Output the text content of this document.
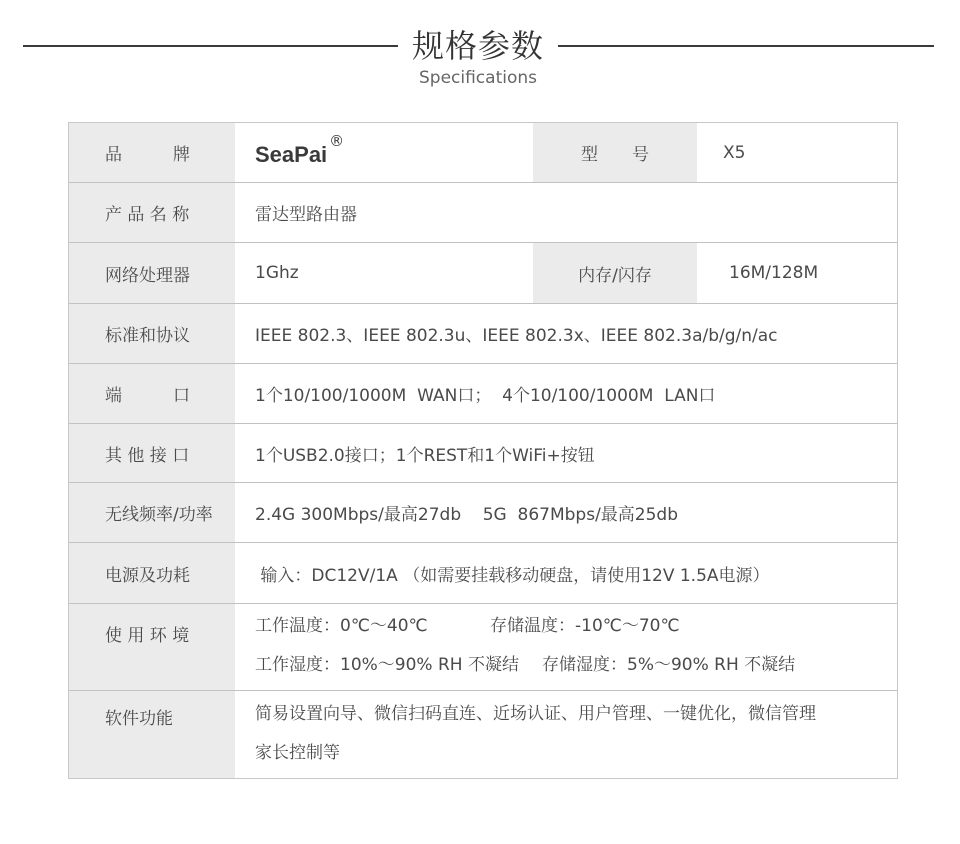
规格参数
Specifications
品　　　牌	SeaPai
®
型　　号	X5
产 品 名 称	雷达型路由器
网络处理器	1Ghz	内存/闪存	16M/128M
标准和协议	IEEE 802.3、IEEE 802.3u、IEEE 802.3x、IEEE 802.3a/b/g/n/ac
端　　　口	1个10/100/1000M  WAN口；  4个10/100/1000M  LAN口
其 他 接 口	1个USB2.0接口；1个REST和1个WiFi+按钮
无线频率/功率	2.4G 300Mbps/最高27db    5G  867Mbps/最高25db
电源及功耗	输入：DC12V/1A （如需要挂载移动硬盘，请使用12V 1.5A电源）
使 用 环 境	工作温度：0℃～40℃	存储温度：-10℃～70℃
工作湿度：10%～90% RH 不凝结 存储湿度：5%～90% RH 不凝结
软件功能	简易设置向导、微信扫码直连、近场认证、用户管理、一键优化，微信管理
家长控制等
